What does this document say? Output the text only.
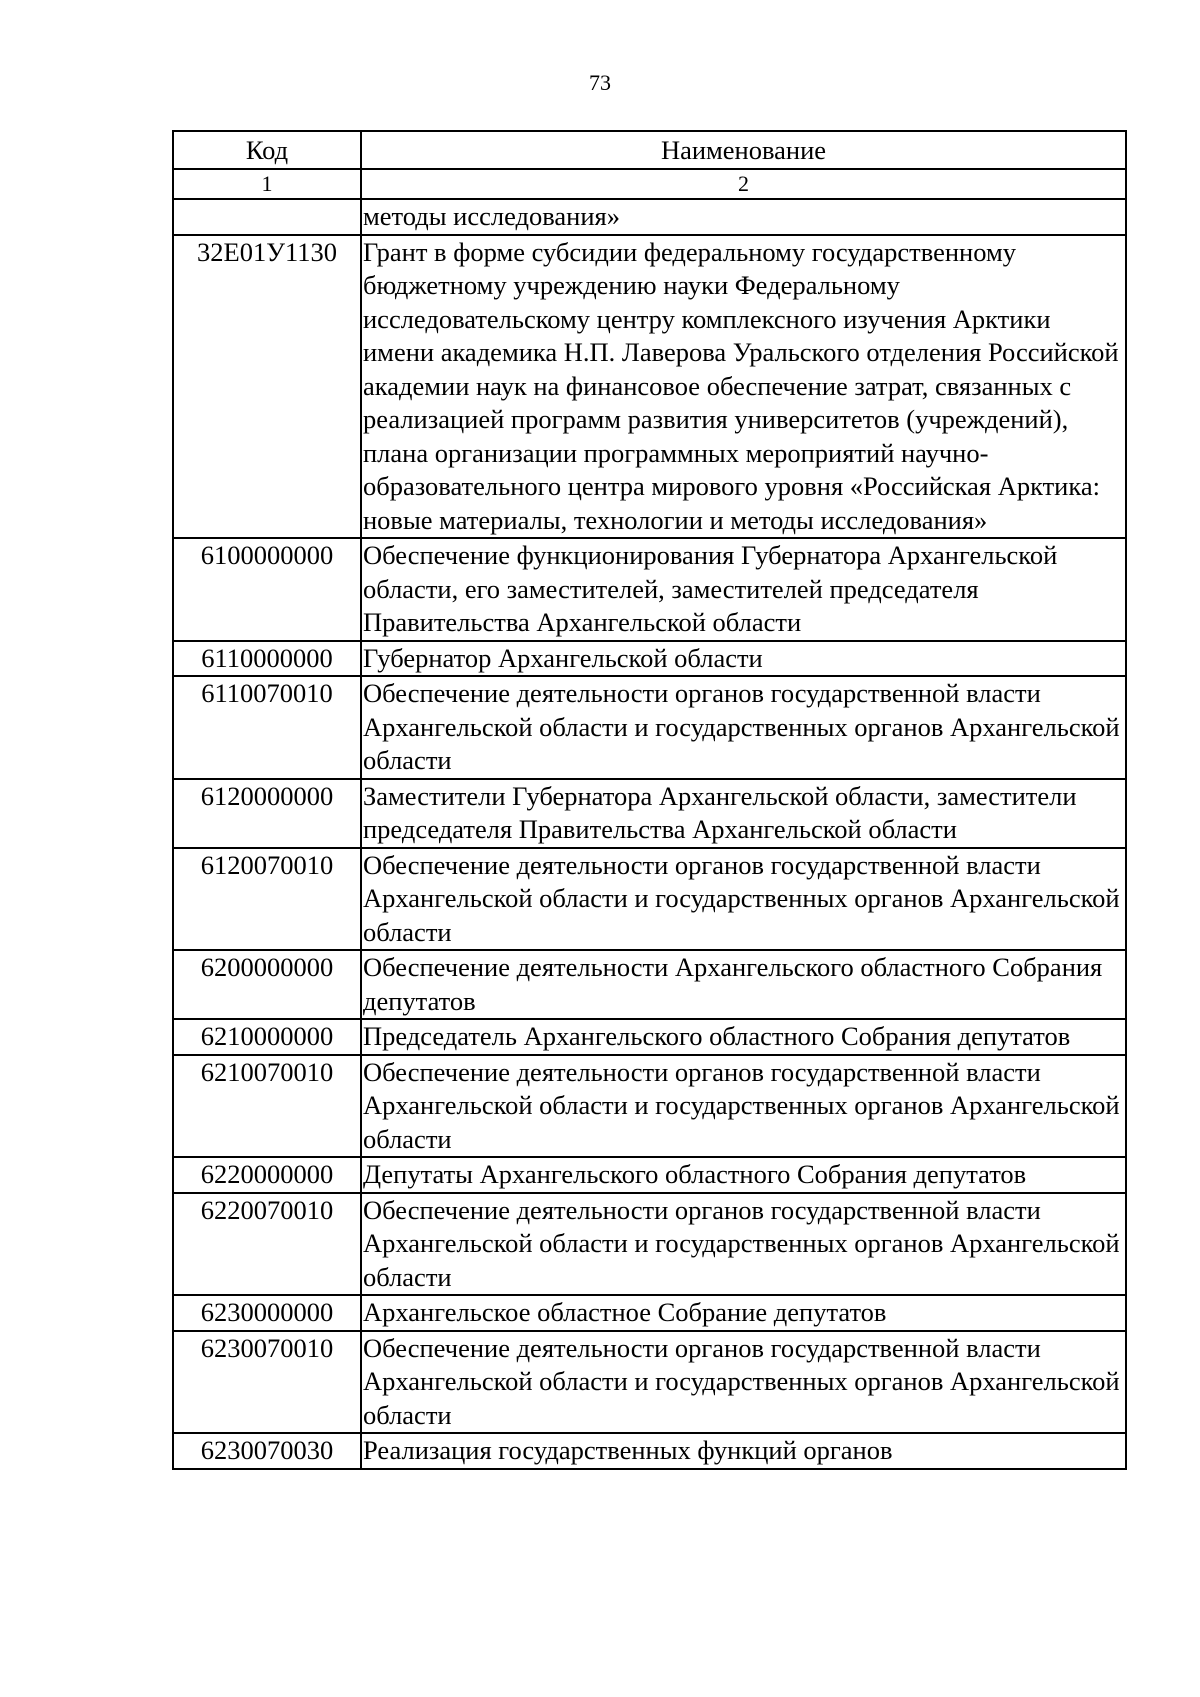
73
Код	Наименование
1	2
	методы исследования»
32Е01У1130	Грант в форме субсидии федеральному государственному бюджетному учреждению науки Федеральному исследовательскому центру комплексного изучения Арктики имени академика Н.П. Лаверова Уральского отделения Российской академии наук на финансовое обеспечение затрат, связанных с реализацией программ развития университетов (учреждений), плана организации программных мероприятий научно-образовательного центра мирового уровня «Российская Арктика: новые материалы, технологии и методы исследования»
6100000000	Обеспечение функционирования Губернатора Архангельской области, его заместителей, заместителей председателя Правительства Архангельской области
6110000000	Губернатор Архангельской области
6110070010	Обеспечение деятельности органов государственной власти Архангельской области и государственных органов Архангельской области
6120000000	Заместители Губернатора Архангельской области, заместители председателя Правительства Архангельской области
6120070010	Обеспечение деятельности органов государственной власти Архангельской области и государственных органов Архангельской области
6200000000	Обеспечение деятельности Архангельского областного Собрания депутатов
6210000000	Председатель Архангельского областного Собрания депутатов
6210070010	Обеспечение деятельности органов государственной власти Архангельской области и государственных органов Архангельской области
6220000000	Депутаты Архангельского областного Собрания депутатов
6220070010	Обеспечение деятельности органов государственной власти Архангельской области и государственных органов Архангельской области
6230000000	Архангельское областное Собрание депутатов
6230070010	Обеспечение деятельности органов государственной власти Архангельской области и государственных органов Архангельской области
6230070030	Реализация государственных функций органов
